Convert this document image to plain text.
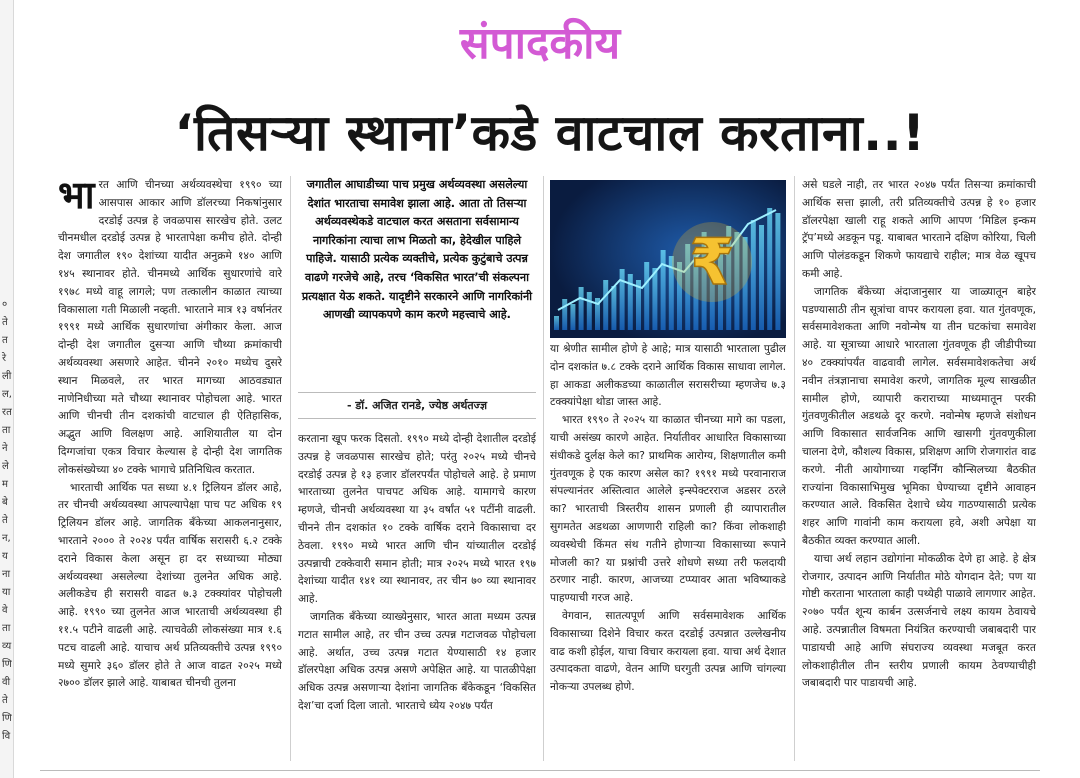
०
ते
त
रे
ली
ल,
रत
ता
ने
ले
म
बे
ते
न,
य
ना
या
वे
ता
व्य
णि
वी
ते
णि
वि
संपादकीय
‘तिसऱ्या स्थाना’कडे वाटचाल करताना..!

भारत आणि चीनच्या अर्थव्यवस्थेचा १९९० च्या आसपास आकार आणि डॉलरच्या निकषांनुसार दरडोई उत्पन्न हे जवळपास सारखेच होते. उलट चीनमधील दरडोई उत्पन्न हे भारतापेक्षा कमीच होते. दोन्ही देश जगातील १९० देशांच्या यादीत अनुक्रमे १४० आणि १४५ स्थानावर होते. चीनमध्ये आर्थिक सुधारणांचे वारे १९७८ मध्ये वाहू लागले; पण तत्कालीन काळात त्याच्या विकासाला गती मिळाली नव्हती. भारताने मात्र १३ वर्षानंतर १९९१ मध्ये आर्थिक सुधारणांचा अंगीकार केला. आज दोन्ही देश जगातील दुसऱ्या आणि चौथ्या क्रमांकाची अर्थव्यवस्था असणारे आहेत. चीनने २०१० मध्येच दुसरे स्थान मिळवले, तर भारत मागच्या आठवड्यात नाणेनिधीच्या मते चौथ्या स्थानावर पोहोचला आहे. भारत आणि चीनची तीन दशकांची वाटचाल ही ऐतिहासिक, अद्भुत आणि विलक्षण आहे. आशियातील या दोन दिग्गजांचा एकत्र विचार केल्यास हे दोन्ही देश जागतिक लोकसंख्येच्या ४० टक्के भागाचे प्रतिनिधित्व करतात.

भारताची आर्थिक पत सध्या ४.१ ट्रिलियन डॉलर आहे, तर चीनची अर्थव्यवस्था आपल्यापेक्षा पाच पट अधिक १९ ट्रिलियन डॉलर आहे. जागतिक बँकेच्या आकलनानुसार, भारताने २००० ते २०२४ पर्यंत वार्षिक सरासरी ६.२ टक्के दराने विकास केला असून हा दर सध्याच्या मोठ्या अर्थव्यवस्था असलेल्या देशांच्या तुलनेत अधिक आहे. अलीकडेच ही सरासरी वाढत ७.३ टक्क्यांवर पोहोचली आहे. १९९० च्या तुलनेत आज भारताची अर्थव्यवस्था ही ११.५ पटीने वाढली आहे. त्याचवेळी लोकसंख्या मात्र १.६ पटच वाढली आहे. याचाच अर्थ प्रतिव्यक्तीचे उत्पन्न १९९० मध्ये सुमारे ३६० डॉलर होते ते आज वाढत २०२५ मध्ये २७०० डॉलर झाले आहे. याबाबत चीनची तुलना

जगातील आघाडीच्या पाच प्रमुख अर्थव्यवस्था असलेल्या देशांत भारताचा समावेश झाला आहे. आता तो तिसऱ्या अर्थव्यवस्थेकडे वाटचाल करत असताना सर्वसामान्य नागरिकांना त्याचा लाभ मिळतो का, हेदेखील पाहिले पाहिजे. यासाठी प्रत्येक व्यक्तीचे, प्रत्येक कुटुंबाचे उत्पन्न वाढणे गरजेचे आहे, तरच ‘विकसित भारत’ची संकल्पना प्रत्यक्षात येऊ शकते. यादृष्टीने सरकारने आणि नागरिकांनी आणखी व्यापकपणे काम करणे महत्त्वाचे आहे.
- डॉ. अजित रानडे, ज्येष्ठ अर्थतज्ज्ञ

करताना खूप फरक दिसतो. १९९० मध्ये दोन्ही देशातील दरडोई उत्पन्न हे जवळपास सारखेच होते; परंतु २०२५ मध्ये चीनचे दरडोई उत्पन्न हे १३ हजार डॉलरपर्यंत पोहोचले आहे. हे प्रमाण भारताच्या तुलनेत पाचपट अधिक आहे. यामागचे कारण म्हणजे, चीनची अर्थव्यवस्था या ३५ वर्षांत ५१ पटींनी वाढली. चीनने तीन दशकांत १० टक्के वार्षिक दराने विकासाचा दर ठेवला. १९९० मध्ये भारत आणि चीन यांच्यातील दरडोई उत्पन्नाची टक्केवारी समान होती; मात्र २०२५ मध्ये भारत १९७ देशांच्या यादीत १४१ व्या स्थानावर, तर चीन ७० व्या स्थानावर आहे.

जागतिक बँकेच्या व्याख्येनुसार, भारत आता मध्यम उत्पन्न गटात सामील आहे, तर चीन उच्च उत्पन्न गटाजवळ पोहोचला आहे. अर्थात, उच्च उत्पन्न गटात येण्यासाठी १४ हजार डॉलरपेक्षा अधिक उत्पन्न असणे अपेक्षित आहे. या पातळीपेक्षा अधिक उत्पन्न असणाऱ्या देशांना जागतिक बँकेकडून ‘विकसित देश’चा दर्जा दिला जातो. भारताचे ध्येय २०४७ पर्यंत

₹

या श्रेणीत सामील होणे हे आहे; मात्र यासाठी भारताला पुढील दोन दशकांत ७.८ टक्के दराने आर्थिक विकास साधावा लागेल. हा आकडा अलीकडच्या काळातील सरासरीच्या म्हणजेच ७.३ टक्क्यांपेक्षा थोडा जास्त आहे.

भारत १९९० ते २०२५ या काळात चीनच्या मागे का पडला, याची असंख्य कारणे आहेत. निर्यातीवर आधारित विकासाच्या संधीकडे दुर्लक्ष केले का? प्राथमिक आरोग्य, शिक्षणातील कमी गुंतवणूक हे एक कारण असेल का? १९९१ मध्ये परवानाराज संपल्यानंतर अस्तित्वात आलेले इन्स्पेक्टरराज अडसर ठरले का? भारताची त्रिस्तरीय शासन प्रणाली ही व्यापारातील सुगमतेत अडथळा आणणारी राहिली का? किंवा लोकशाही व्यवस्थेची किंमत संथ गतीने होणाऱ्या विकासाच्या रूपाने मोजली का? या प्रश्नांची उत्तरे शोधणे सध्या तरी फलदायी ठरणार नाही. कारण, आजच्या टप्प्यावर आता भविष्याकडे पाहण्याची गरज आहे.

वेगवान, सातत्यपूर्ण आणि सर्वसमावेशक आर्थिक विकासाच्या दिशेने विचार करत दरडोई उत्पन्नात उल्लेखनीय वाढ कशी होईल, याचा विचार करायला हवा. याचा अर्थ देशात उत्पादकता वाढणे, वेतन आणि घरगुती उत्पन्न आणि चांगल्या नोकऱ्या उपलब्ध होणे.

असे घडले नाही, तर भारत २०४७ पर्यंत तिसऱ्या क्रमांकाची आर्थिक सत्ता झाली, तरी प्रतिव्यक्तीचे उत्पन्न हे १० हजार डॉलरपेक्षा खाली राहू शकते आणि आपण ‘मिडिल इन्कम ट्रॅप’मध्ये अडकून पडू. याबाबत भारताने दक्षिण कोरिया, चिली आणि पोलंडकडून शिकणे फायद्याचे राहील; मात्र वेळ खूपच कमी आहे.

जागतिक बँकेच्या अंदाजानुसार या जाळ्यातून बाहेर पडण्यासाठी तीन सूत्रांचा वापर करायला हवा. यात गुंतवणूक, सर्वसमावेशकता आणि नवोन्मेष या तीन घटकांचा समावेश आहे. या सूत्राच्या आधारे भारताला गुंतवणूक ही जीडीपीच्या ४० टक्क्यांपर्यंत वाढवावी लागेल. सर्वसमावेशकतेचा अर्थ नवीन तंत्रज्ञानाचा समावेश करणे, जागतिक मूल्य साखळीत सामील होणे, व्यापारी कराराच्या माध्यमातून परकी गुंतवणुकीतील अडथळे दूर करणे. नवोन्मेष म्हणजे संशोधन आणि विकासात सार्वजनिक आणि खासगी गुंतवणुकीला चालना देणे, कौशल्य विकास, प्रशिक्षण आणि रोजगारांत वाढ करणे. नीती आयोगाच्या गव्हर्निंग कौन्सिलच्या बैठकीत राज्यांना विकासाभिमुख भूमिका घेण्याच्या दृष्टीने आवाहन करण्यात आले. विकसित देशाचे ध्येय गाठण्यासाठी प्रत्येक शहर आणि गावांनी काम करायला हवे, अशी अपेक्षा या बैठकीत व्यक्त करण्यात आली.

याचा अर्थ लहान उद्योगांना मोकळीक देणे हा आहे. हे क्षेत्र रोजगार, उत्पादन आणि निर्यातीत मोठे योगदान देते; पण या गोष्टी करताना भारताला काही पथ्येही पाळावे लागणार आहेत. २०७० पर्यंत शून्य कार्बन उत्सर्जनाचे लक्ष्य कायम ठेवायचे आहे. उत्पन्नातील विषमता नियंत्रित करण्याची जबाबदारी पार पाडायची आहे आणि संघराज्य व्यवस्था मजबूत करत लोकशाहीतील तीन स्तरीय प्रणाली कायम ठेवण्याचीही जबाबदारी पार पाडायची आहे.
